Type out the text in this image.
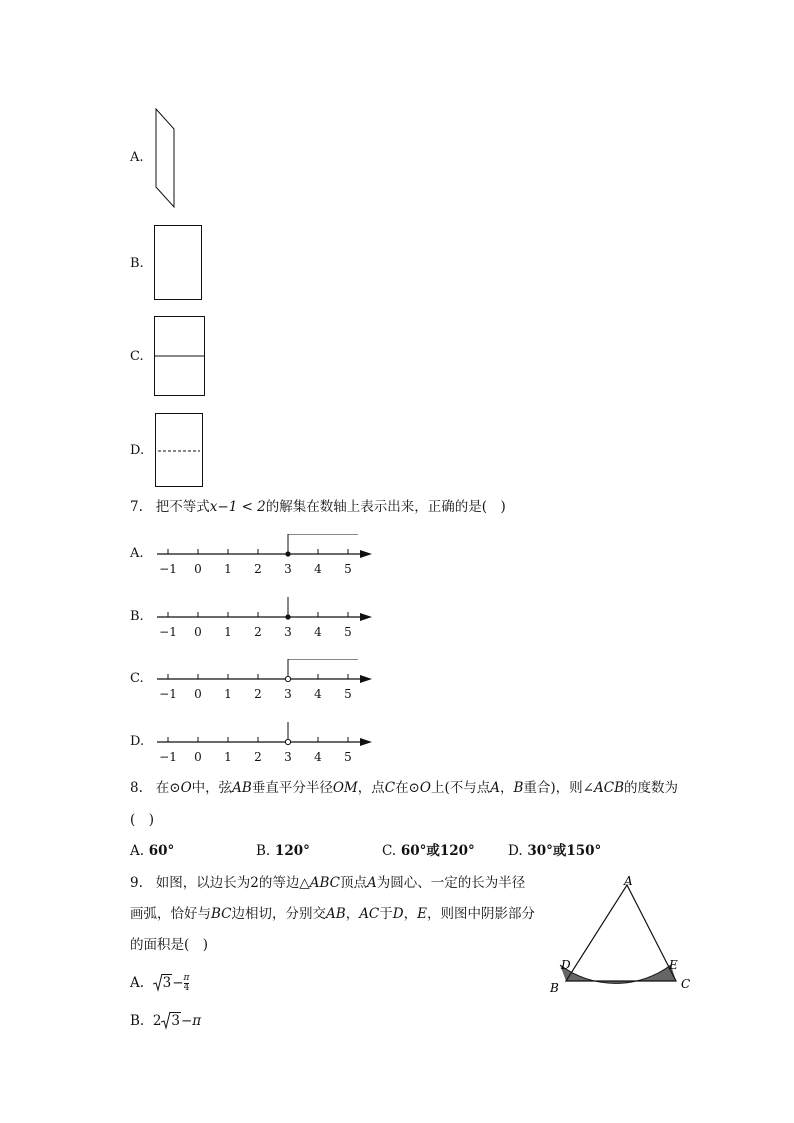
A.
B.
C.
D.
7. 把不等式x−1 < 2的解集在数轴上表示出来，正确的是(　)
A.
−1 0 1 2 3 4 5
B.
−1 0 1 2 3 4 5
C.
−1 0 1 2 3 4 5
D.
−1 0 1 2 3 4 5
8. 在⊙O中，弦AB垂直平分半径OM，点C在⊙O上(不与点A，B重合)，则∠ACB的度数为
(　)
A. 60°	B. 120°	C. 60°或120° D. 30°或150°
9. 如图，以边长为2的等边△ABC顶点A为圆心、一定的长为半径
画弧，恰好与BC边相切，分别交AB，AC于D，E，则图中阴影部分
的面积是(　)
A. $3- \frac{\pi}{4}$
B. 2 3−π
A
B	C
D	E
